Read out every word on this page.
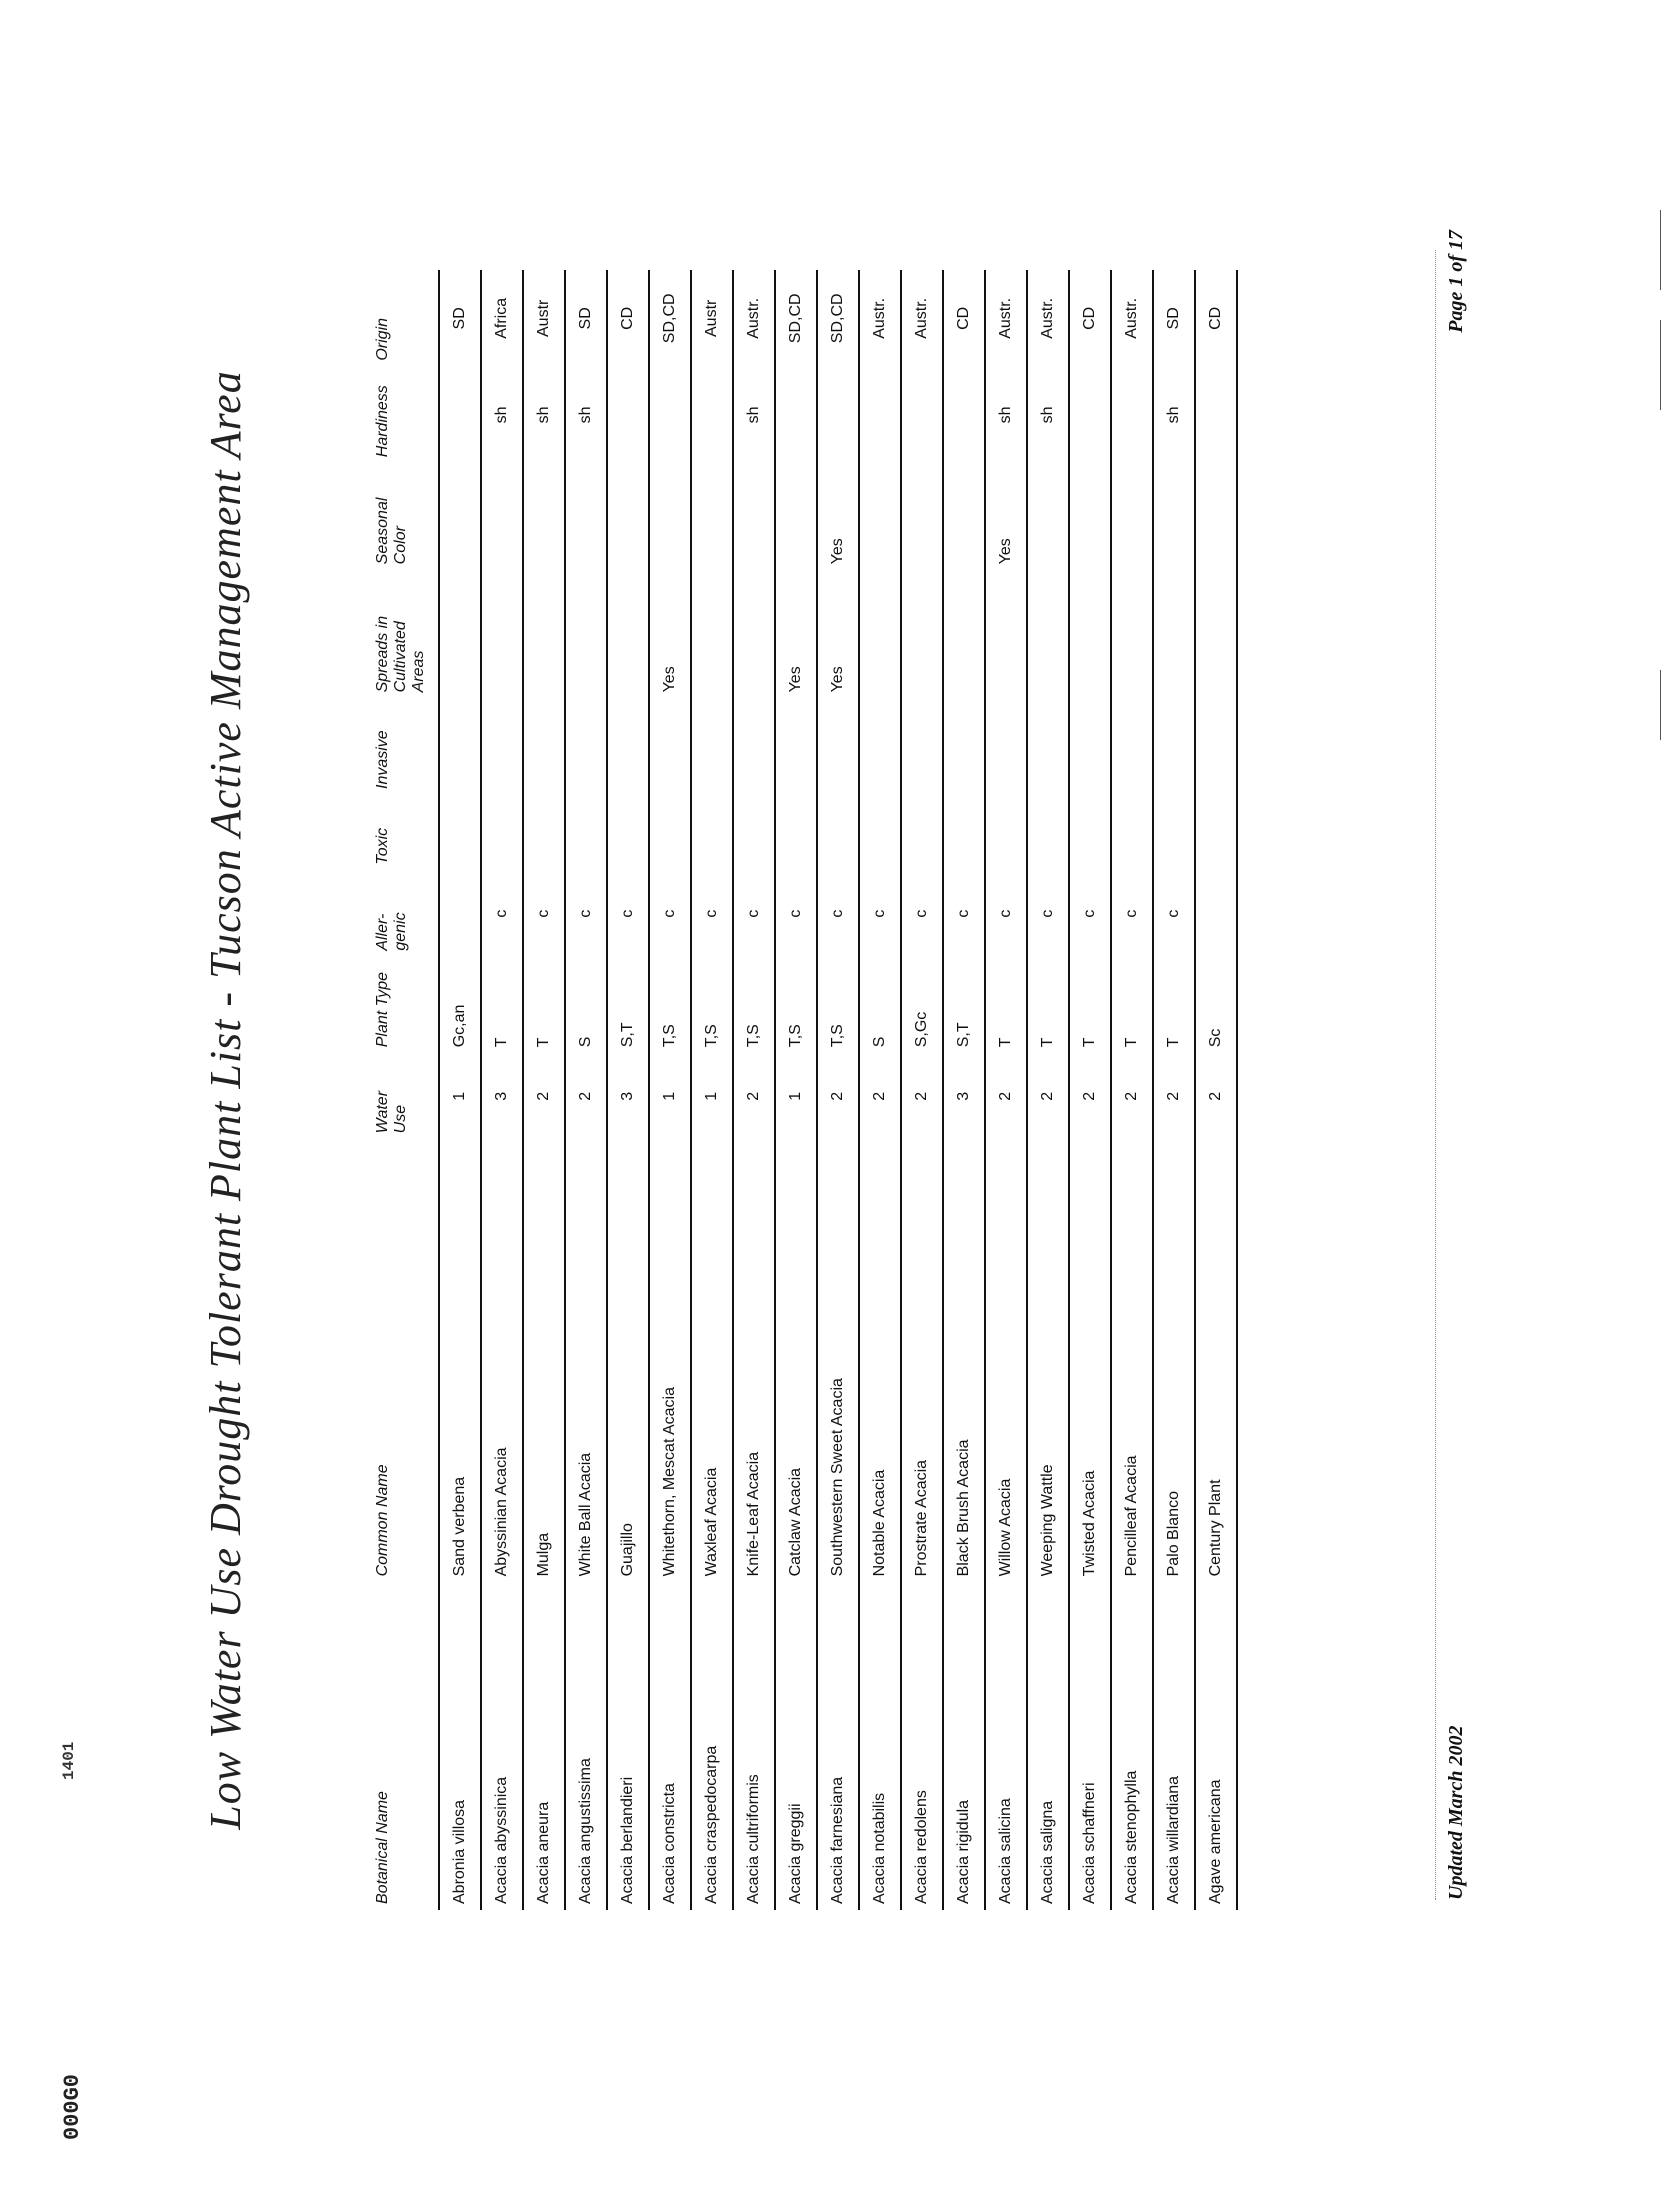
000G0
1401	Low Water Use Drought Tolerant Plant List - Tucson Active Management Area
Botanical Name	Common Name	Water Use	Plant Type	Aller- genic	Toxic	Invasive	Spreads in Cultivated Areas	Seasonal Color	Hardiness	Origin
Abronia villosa	Sand verbena	1	Gc,an							SD
Acacia abyssinica	Abyssinian Acacia	3	T	c					sh	Africa
Acacia aneura	Mulga	2	T	c					sh	Austr
Acacia angustissima	White Ball Acacia	2	S	c					sh	SD
Acacia berlandieri	Guajillo	3	S,T	c						CD
Acacia constricta	Whitethorn, Mescat Acacia	1	T,S	c			Yes			SD,CD
Acacia craspedocarpa	Waxleaf Acacia	1	T,S	c						Austr
Acacia cultriformis	Knife-Leaf Acacia	2	T,S	c					sh	Austr.
Acacia greggii	Catclaw Acacia	1	T,S	c			Yes			SD,CD
Acacia farnesiana	Southwestern Sweet Acacia	2	T,S	c			Yes	Yes		SD,CD
Acacia notabilis	Notable Acacia	2	S	c						Austr.
Acacia redolens	Prostrate Acacia	2	S,Gc	c						Austr.
Acacia rigidula	Black Brush Acacia	3	S,T	c						CD
Acacia salicina	Willow Acacia	2	T	c				Yes	sh	Austr.
Acacia saligna	Weeping Wattle	2	T	c					sh	Austr.
Acacia schaffneri	Twisted Acacia	2	T	c						CD
Acacia stenophylla	Pencilleaf Acacia	2	T	c						Austr.
Acacia willardiana	Palo Blanco	2	T	c					sh	SD
Agave americana	Century Plant	2	Sc							CD
Updated March 2002
Page 1 of 17
